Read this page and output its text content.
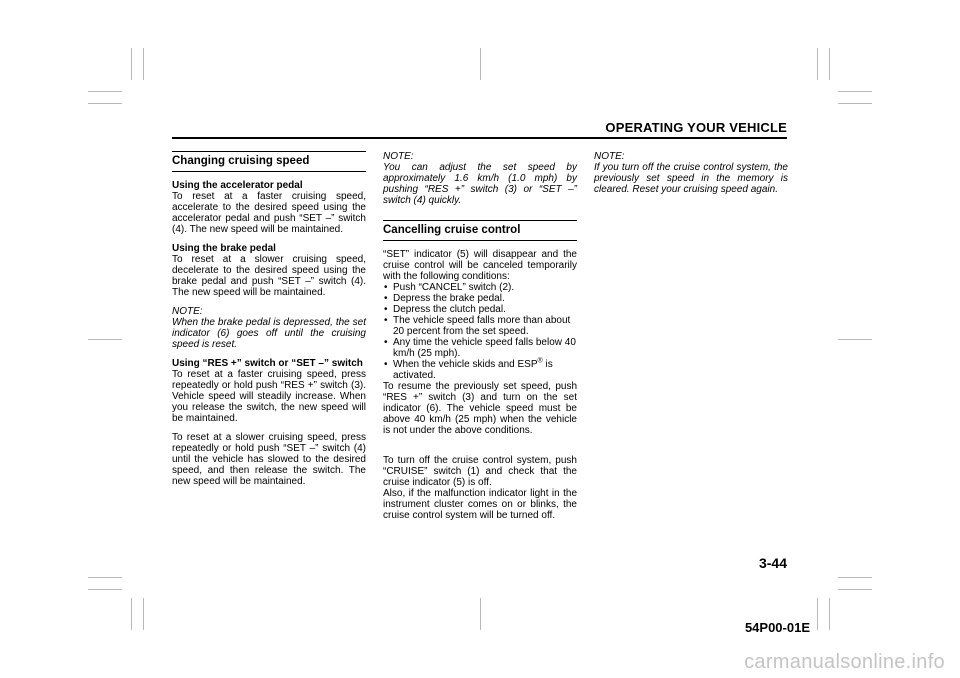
OPERATING YOUR VEHICLE
Changing cruising speed
Using the accelerator pedal

To reset at a faster cruising speed, accelerate to the desired speed using the accelerator pedal and push “SET –” switch (4). The new speed will be maintained.

Using the brake pedal

To reset at a slower cruising speed, decelerate to the desired speed using the brake pedal and push “SET –” switch (4). The new speed will be maintained.

NOTE:
When the brake pedal is depressed, the set indicator (6) goes off until the cruising speed is reset.
Using “RES +” switch or “SET –” switch

To reset at a faster cruising speed, press repeatedly or hold push “RES +” switch (3). Vehicle speed will steadily increase. When you release the switch, the new speed will be maintained.

To reset at a slower cruising speed, press repeatedly or hold push “SET –” switch (4) until the vehicle has slowed to the desired speed, and then release the switch. The new speed will be maintained.

NOTE:
You can adjust the set speed by approximately 1.6 km/h (1.0 mph) by pushing “RES +” switch (3) or “SET –” switch (4) quickly.
Cancelling cruise control

“SET” indicator (5) will disappear and the cruise control will be canceled temporarily with the following conditions:

• Push “CANCEL” switch (2).
• Depress the brake pedal.
• Depress the clutch pedal.
• The vehicle speed falls more than about 20 percent from the set speed.
• Any time the vehicle speed falls below 40 km/h (25 mph).
• When the vehicle skids and ESP® is activated.

To resume the previously set speed, push “RES +” switch (3) and turn on the set indicator (6). The vehicle speed must be above 40 km/h (25 mph) when the vehicle is not under the above conditions.

To turn off the cruise control system, push “CRUISE” switch (1) and check that the cruise indicator (5) is off.

Also, if the malfunction indicator light in the instrument cluster comes on or blinks, the cruise control system will be turned off.

NOTE:
If you turn off the cruise control system, the previously set speed in the memory is cleared. Reset your cruising speed again.
3-44
54P00-01E
carmanualsonline.info
